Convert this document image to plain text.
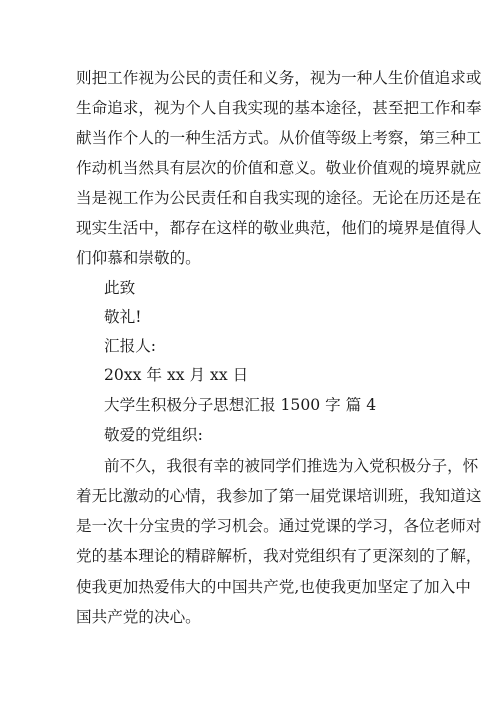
则把工作视为公民的责任和义务，视为一种人生价值追求或
生命追求，视为个人自我实现的基本途径，甚至把工作和奉
献当作个人的一种生活方式。从价值等级上考察，第三种工
作动机当然具有层次的价值和意义。敬业价值观的境界就应
当是视工作为公民责任和自我实现的途径。无论在历还是在
现实生活中，都存在这样的敬业典范，他们的境界是值得人
们仰慕和崇敬的。
此致
敬礼!
汇报人:
20xx 年 xx 月 xx 日
大学生积极分子思想汇报 1500 字 篇 4
敬爱的党组织:
前不久，我很有幸的被同学们推选为入党积极分子，怀
着无比激动的心情，我参加了第一届党课培训班，我知道这
是一次十分宝贵的学习机会。通过党课的学习，各位老师对
党的基本理论的精辟解析，我对党组织有了更深刻的了解，
使我更加热爱伟大的中国共产党,也使我更加坚定了加入中
国共产党的决心。
